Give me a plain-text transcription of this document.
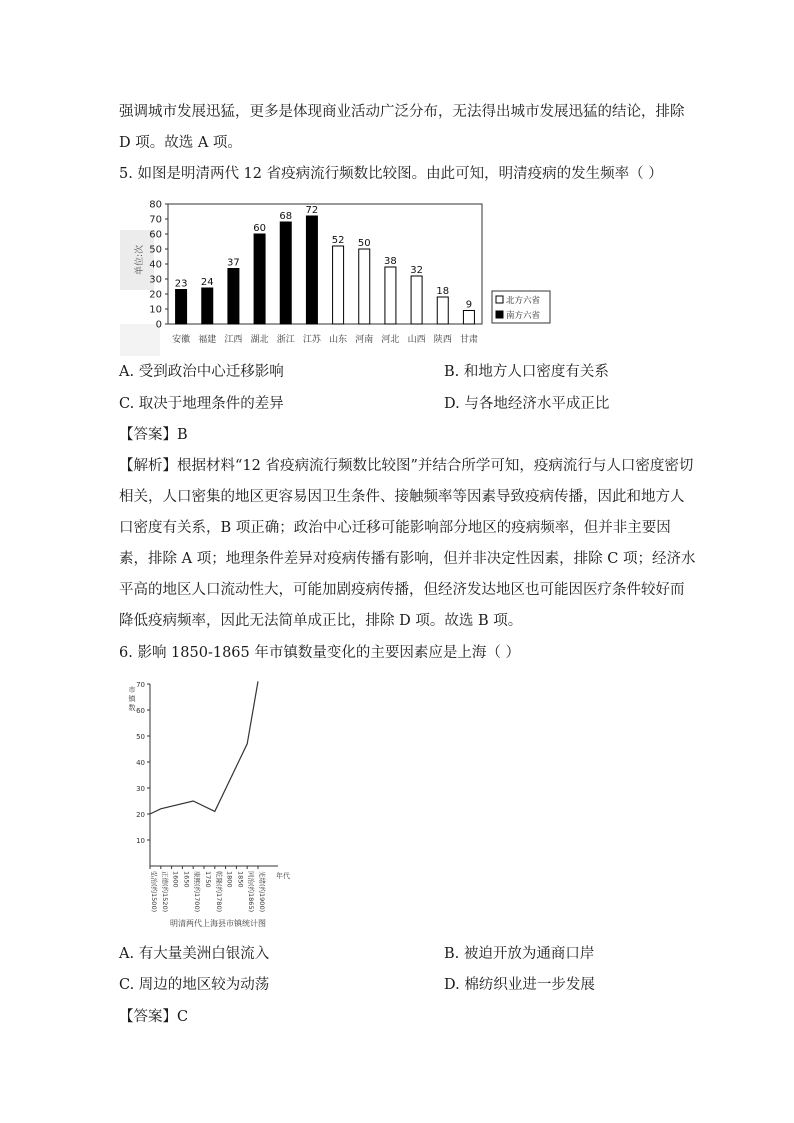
强调城市发展迅猛，更多是体现商业活动广泛分布，无法得出城市发展迅猛的结论，排除
D 项。故选 A 项。
5. 如图是明清两代 12 省疫病流行频数比较图。由此可知，明清疫病的发生频率（ ）
0
10
20
30
40
50
60
70
80
单位:次
23
安徽
24
福建
37
江西
60
湖北
68
浙江
72
江苏
52
山东
50
河南
38
河北
32
山西
18
陕西
9
甘肃
北方六省
南方六省
A. 受到政治中心迁移影响	B. 和地方人口密度有关系
C. 取决于地理条件的差异	D. 与各地经济水平成正比
【答案】B
【解析】根据材料“12 省疫病流行频数比较图”并结合所学可知，疫病流行与人口密度密切
相关，人口密集的地区更容易因卫生条件、接触频率等因素导致疫病传播，因此和地方人
口密度有关系，B 项正确；政治中心迁移可能影响部分地区的疫病频率，但并非主要因
素，排除 A 项；地理条件差异对疫病传播有影响，但并非决定性因素，排除 C 项；经济水
平高的地区人口流动性大，可能加剧疫病传播，但经济发达地区也可能因医疗条件较好而
降低疫病频率，因此无法简单成正比，排除 D 项。故选 B 项。
6. 影响 1850-1865 年市镇数量变化的主要因素应是上海（ ）
10
20
30
40
50
60
70
市
镇
数
弘治(约1500) 正德(约1520) 1600 1650 康熙(约1700) 1750 乾隆(约1780) 1800 1850 同治(约1865) 光绪(约1900) 年代
明清两代上海县市镇统计图
A. 有大量美洲白银流入	B. 被迫开放为通商口岸
C. 周边的地区较为动荡	D. 棉纺织业进一步发展
【答案】C
